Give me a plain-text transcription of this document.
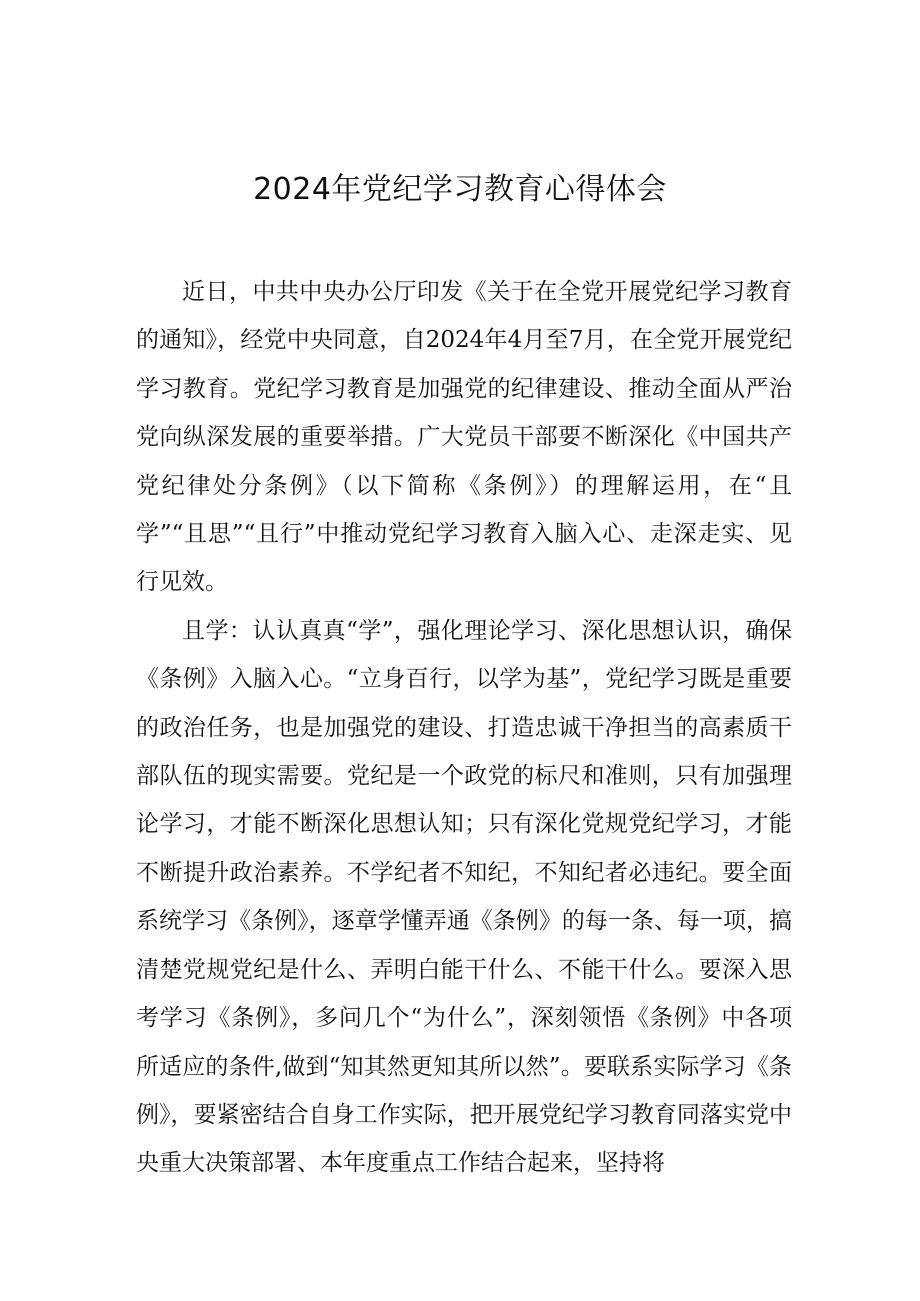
2024年党纪学习教育心得体会

近日，中共中央办公厅印发《关于在全党开展党纪学习教育的通知》，经党中央同意，自2024年4月至7月，在全党开展党纪学习教育。党纪学习教育是加强党的纪律建设、推动全面从严治党向纵深发展的重要举措。广大党员干部要不断深化《中国共产党纪律处分条例》（以下简称《条例》）的理解运用，在“且学”“且思”“且行”中推动党纪学习教育入脑入心、走深走实、见行见效。

且学：认认真真“学”，强化理论学习、深化思想认识，确保《条例》入脑入心。“立身百行，以学为基”，党纪学习既是重要的政治任务，也是加强党的建设、打造忠诚干净担当的高素质干部队伍的现实需要。党纪是一个政党的标尺和准则，只有加强理论学习，才能不断深化思想认知；只有深化党规党纪学习，才能不断提升政治素养。不学纪者不知纪，不知纪者必违纪。要全面系统学习《条例》，逐章学懂弄通《条例》的每一条、每一项，搞清楚党规党纪是什么、弄明白能干什么、不能干什么。要深入思考学习《条例》，多问几个“为什么”，深刻领悟《条例》中各项所适应的条件,做到“知其然更知其所以然”。要联系实际学习《条例》，要紧密结合自身工作实际，把开展党纪学习教育同落实党中央重大决策部署、本年度重点工作结合起来，坚持将
